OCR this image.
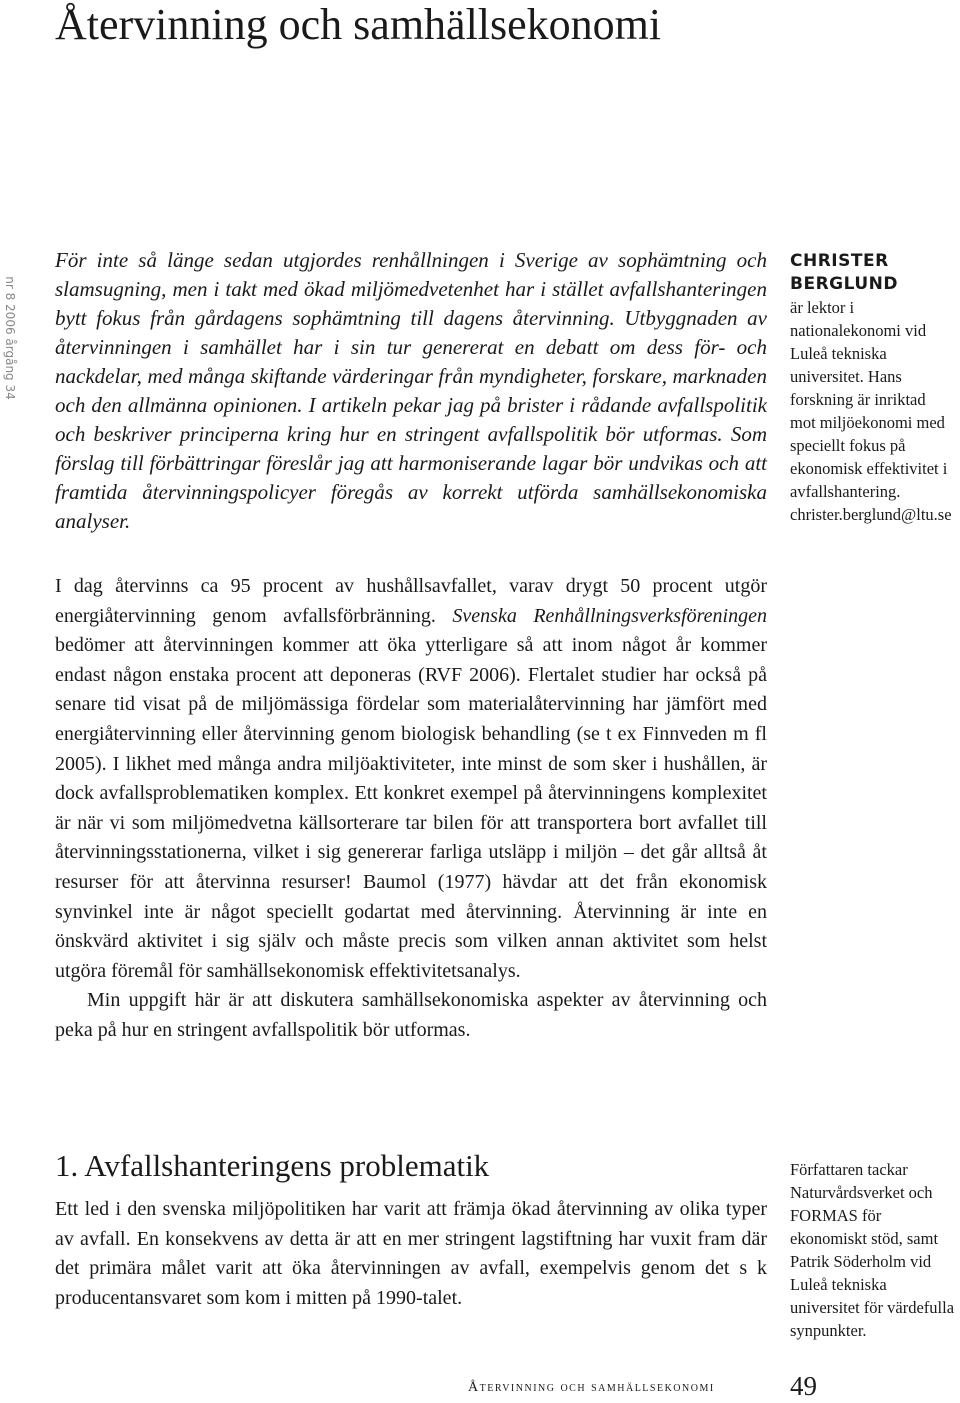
Återvinning och samhällsekonomi
nr 8 2006 årgång 34

För inte så länge sedan utgjordes renhållningen i Sverige av sophämtning och slamsugning, men i takt med ökad miljömedvetenhet har i stället avfallshanteringen bytt fokus från gårdagens sophämtning till dagens återvinning. Utbyggnaden av återvinningen i samhället har i sin tur genererat en debatt om dess för- och nackdelar, med många skiftande värderingar från myndigheter, forskare, marknaden och den allmänna opinionen. I artikeln pekar jag på brister i rådande avfallspolitik och beskriver principerna kring hur en stringent avfallspolitik bör utformas. Som förslag till förbättringar föreslår jag att harmoniserande lagar bör undvikas och att framtida återvinningspolicyer föregås av korrekt utförda samhällsekonomiska analyser.

CHRISTER BERGLUND

är lektor i nationalekonomi vid Luleå tekniska universitet. Hans forskning är inriktad mot miljöekonomi med speciellt fokus på ekonomisk effektivitet i avfallshantering. christer.berglund@ltu.se

I dag återvinns ca 95 procent av hushållsavfallet, varav drygt 50 procent utgör energiåtervinning genom avfallsförbränning. Svenska Renhållningsverksföreningen bedömer att återvinningen kommer att öka ytterligare så att inom något år kommer endast någon enstaka procent att deponeras (RVF 2006). Flertalet studier har också på senare tid visat på de miljömässiga fördelar som materialåtervinning har jämfört med energiåtervinning eller återvinning genom biologisk behandling (se t ex Finnveden m fl 2005). I likhet med många andra miljöaktiviteter, inte minst de som sker i hushållen, är dock avfallsproblematiken komplex. Ett konkret exempel på återvinningens komplexitet är när vi som miljömedvetna källsorterare tar bilen för att transportera bort avfallet till återvinningsstationerna, vilket i sig genererar farliga utsläpp i miljön – det går alltså åt resurser för att återvinna resurser! Baumol (1977) hävdar att det från ekonomisk synvinkel inte är något speciellt godartat med återvinning. Återvinning är inte en önskvärd aktivitet i sig själv och måste precis som vilken annan aktivitet som helst utgöra föremål för samhällsekonomisk effektivitetsanalys.

Min uppgift här är att diskutera samhällsekonomiska aspekter av återvinning och peka på hur en stringent avfallspolitik bör utformas.

1. Avfallshanteringens problematik

Ett led i den svenska miljöpolitiken har varit att främja ökad återvinning av olika typer av avfall. En konsekvens av detta är att en mer stringent lagstiftning har vuxit fram där det primära målet varit att öka återvinningen av avfall, exempelvis genom det s k producentansvaret som kom i mitten på 1990-talet.

Författaren tackar Naturvårdsverket och FORMAS för ekonomiskt stöd, samt Patrik Söderholm vid Luleå tekniska universitet för värdefulla synpunkter.

Återvinning och samhällsekonomi	49
